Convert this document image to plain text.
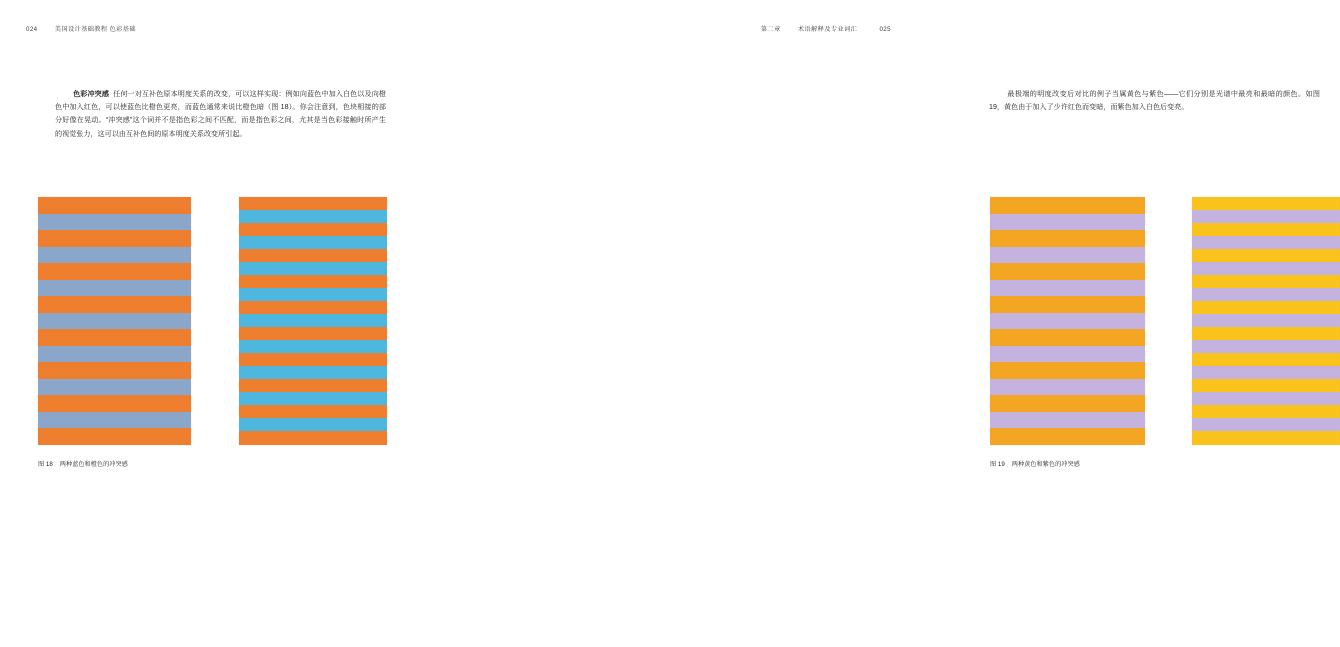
024	美国设计基础教程 色彩基础
色彩冲突感 任何一对互补色原本明度关系的改变，可以这样实现：例如向蓝色中加入白色以及向橙色中加入红色，可以使蓝色比橙色更亮，而蓝色通常来说比橙色暗（图 18）。你会注意到，色块相接的部分好像在晃动。“冲突感”这个词并不是指色彩之间不匹配，而是指色彩之间，尤其是当色彩接触时所产生的视觉张力，这可以由互补色间的原本明度关系改变所引起。
图 18 两种蓝色和橙色的冲突感
第二章	术语解释及专业词汇	025
最极端的明度改变后对比的例子当属黄色与紫色——它们分别是光谱中最亮和最暗的颜色。如图 19，黄色由于加入了少许红色而变暗，而紫色加入白色后变亮。
图 19 两种黄色和紫色的冲突感
